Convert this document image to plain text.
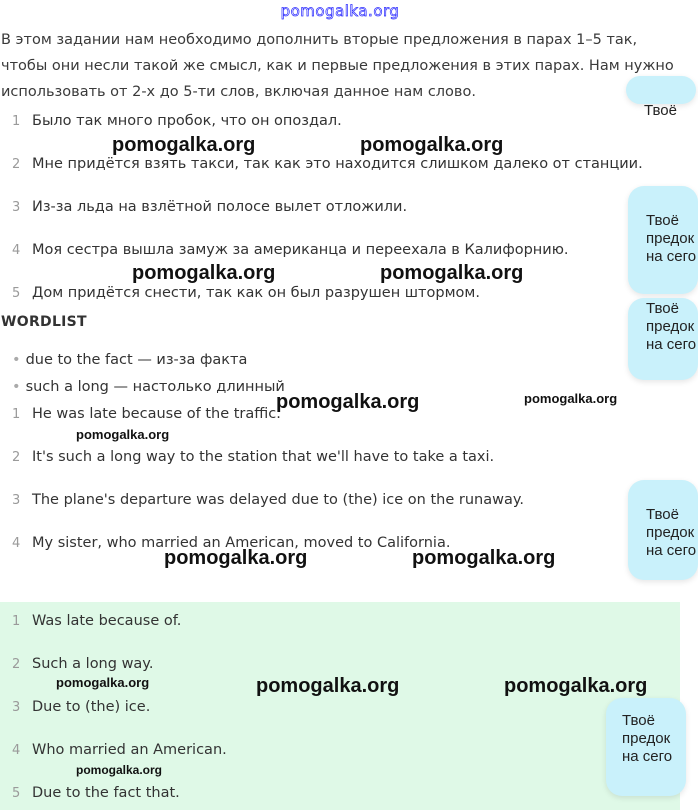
pomogalka.org
В этом задании нам необходимо дополнить вторые предложения в парах 1–5 так, чтобы они несли такой же смысл, как и первые предложения в этих парах. Нам нужно использовать от 2-х до 5-ти слов, включая данное нам слово.
Твоё
Твоё
предок
на сего
Твоё
предок
на сего
Твоё
предок
на сего
1 Было так много пробок, что он опоздал.
2 Мне придётся взять такси, так как это находится слишком далеко от станции.
3 Из-за льда на взлётной полосе вылет отложили.
4 Моя сестра вышла замуж за американца и переехала в Калифорнию.
5 Дом придётся снести, так как он был разрушен штормом.
WORDLIST
• due to the fact — из-за факта
• such a long — настолько длинный
1 He was late because of the traffic.
2 It's such a long way to the station that we'll have to take a taxi.
3 The plane's departure was delayed due to (the) ice on the runaway.
4 My sister, who married an American, moved to California.
1 Was late because of.
2 Such a long way.
3 Due to (the) ice.
4 Who married an American.
5 Due to the fact that.
Твоё
предок
на сего
pomogalka.org	pomogalka.org
pomogalka.org	pomogalka.org
pomogalka.org	pomogalka.org
pomogalka.org
pomogalka.org	pomogalka.org
pomogalka.org	pomogalka.org	pomogalka.org
pomogalka.org
